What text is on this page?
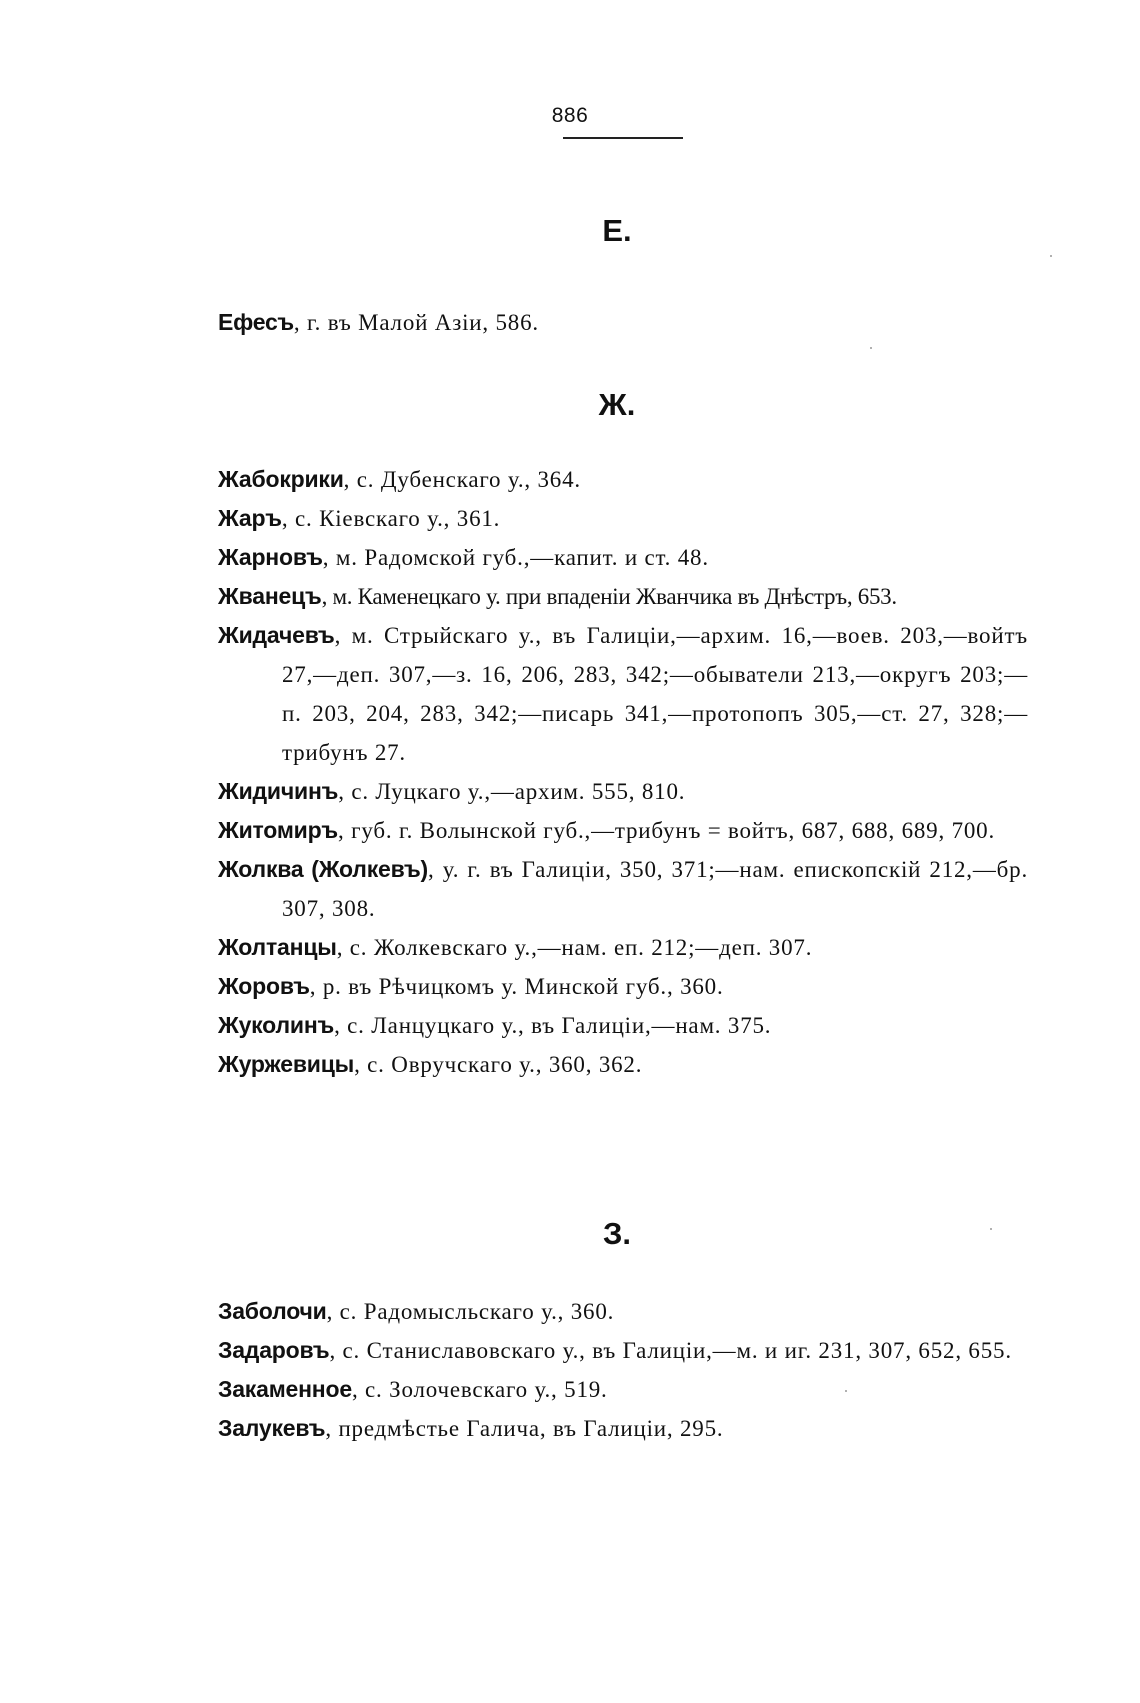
886
Е.

Ефесъ, г. въ Малой Азіи, 586.

Ж.

Жабокрики, с. Дубенскаго у., 364.

Жаръ, с. Кіевскаго у., 361.

Жарновъ, м. Радомской губ.,—капит. и ст. 48.

Жванецъ, м. Каменецкаго у. при впаденіи Жванчика въ Днѣстръ, 653.

Жидачевъ, м. Стрыйскаго у., въ Галиціи,—архим. 16,—воев. 203,—войтъ 27,—деп. 307,—з. 16, 206, 283, 342;—обыватели 213,—округъ 203;—п. 203, 204, 283, 342;—писарь 341,—протопопъ 305,—ст. 27, 328;—трибунъ 27.

Жидичинъ, с. Луцкаго у.,—архим. 555, 810.

Житомиръ, губ. г. Волынской губ.,—трибунъ = войтъ, 687, 688, 689, 700.

Жолква (Жолкевъ), у. г. въ Галиціи, 350, 371;—нам. епископскій 212,—бр. 307, 308.

Жолтанцы, с. Жолкевскаго у.,—нам. еп. 212;—деп. 307.

Жоровъ, р. въ Рѣчицкомъ у. Минской губ., 360.

Жуколинъ, с. Ланцуцкаго у., въ Галиціи,—нам. 375.

Журжевицы, с. Овручскаго у., 360, 362.

З.

Заболочи, с. Радомысльскаго у., 360.

Задаровъ, с. Станиславовскаго у., въ Галиціи,—м. и иг. 231, 307, 652, 655.

Закаменное, с. Золочевскаго у., 519.

Залукевъ, предмѣстье Галича, въ Галиціи, 295.
